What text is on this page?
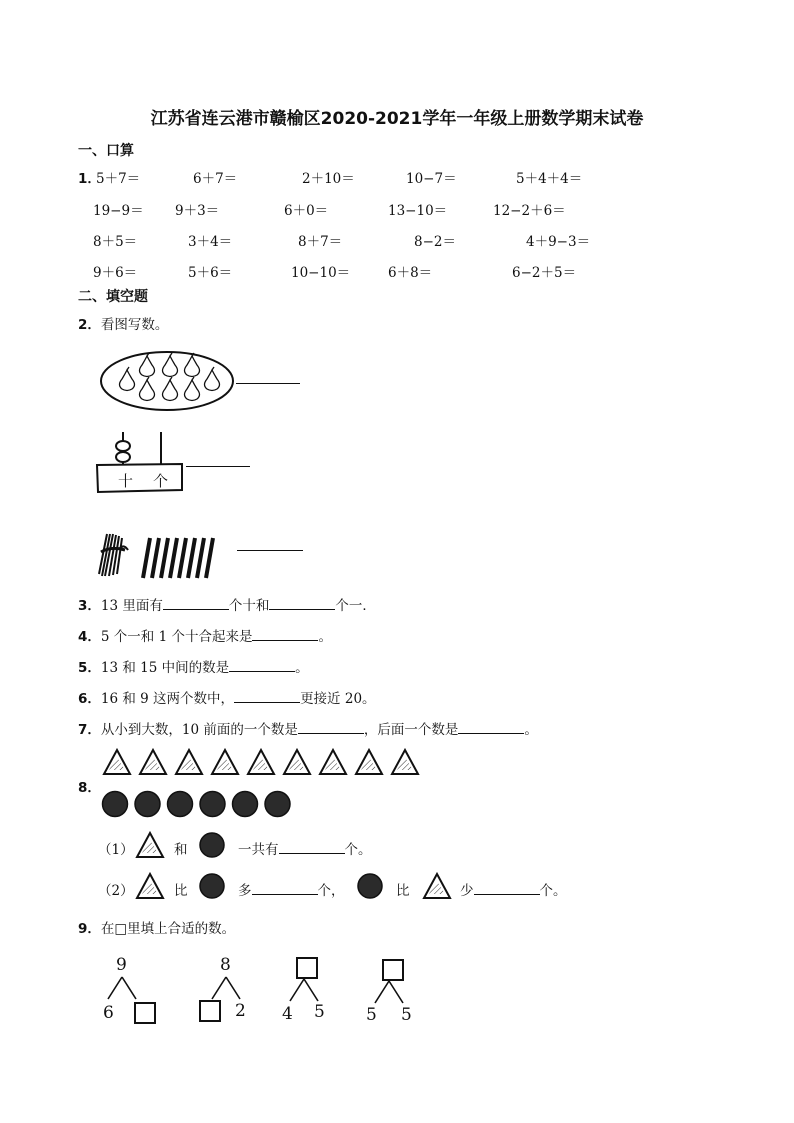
江苏省连云港市赣榆区2020-2021学年一年级上册数学期末试卷
一、口算
1．
5＋7＝	6＋7＝	2＋10＝	10−7＝	5＋4＋4＝
19−9＝ 9＋3＝	6＋0＝	13−10＝	12−2＋6＝
8＋5＝	3＋4＝	8＋7＝	8−2＝	4＋9−3＝
9＋6＝	5＋6＝	10−10＝	6＋8＝	6−2＋5＝
二、填空题
2．看图写数。
十 个
3．13 里面有	个十和	个一．
4．5 个一和 1 个十合起来是	。
5．13 和 15 中间的数是	。
6．16 和 9 这两个数中，	更接近 20。
7．从小到大数，10 前面的一个数是	，后面一个数是	。
8．
（1）	和	一共有	个。
（2）	比	多	个，	比	少	个。
9．在□里填上合适的数。
9
6
8
2 4 5 5 5
